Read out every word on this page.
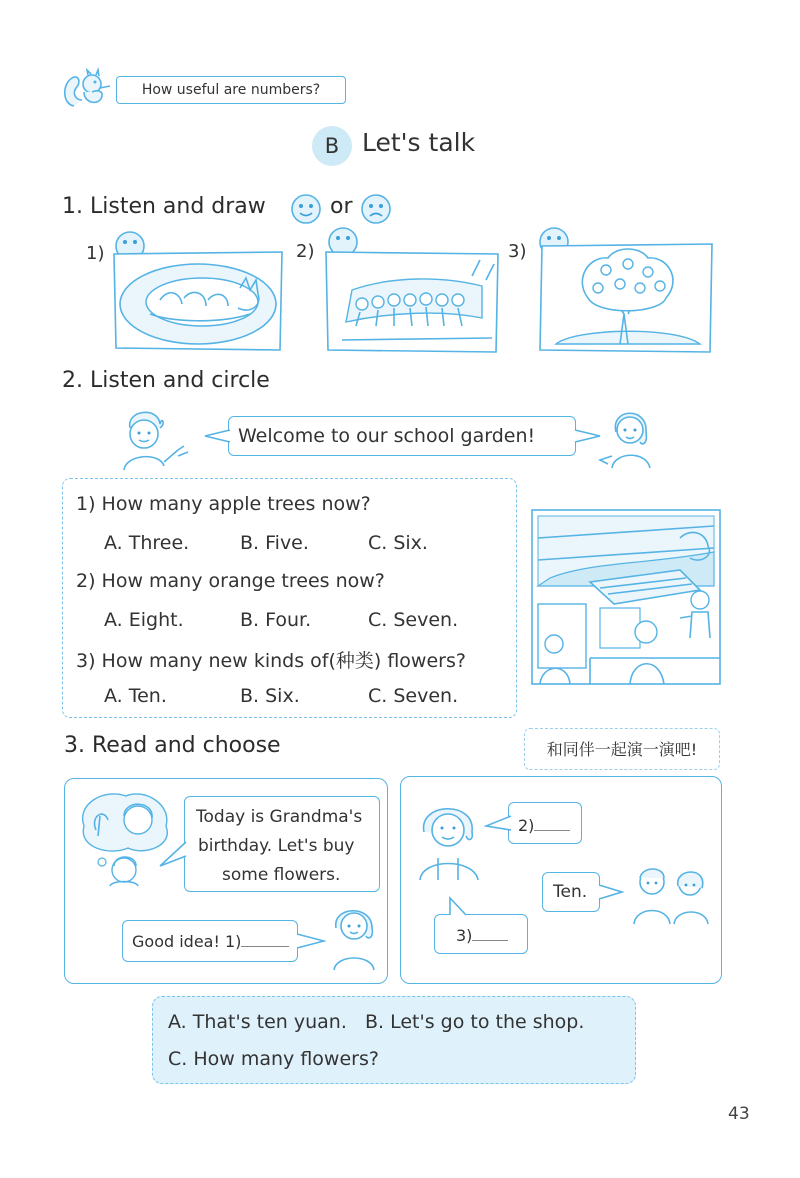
How useful are numbers?
B Let's talk
1. Listen and draw	or
1)	2)	3)
2. Listen and circle
Welcome to our school garden!
1) How many apple trees now?
A. Three.	B. Five.	C. Six.
2) How many orange trees now?
A. Eight.	B. Four.	C. Seven.
3) How many new kinds of(种类) flowers?
A. Ten.	B. Six.	C. Seven.
3. Read and choose	和同伴一起演一演吧!
Today is Grandma's
birthday. Let's buy
some flowers.
Good idea! 1)
2)
Ten.
3)
A. That's ten yuan.   B. Let's go to the shop.
C. How many flowers?
43
